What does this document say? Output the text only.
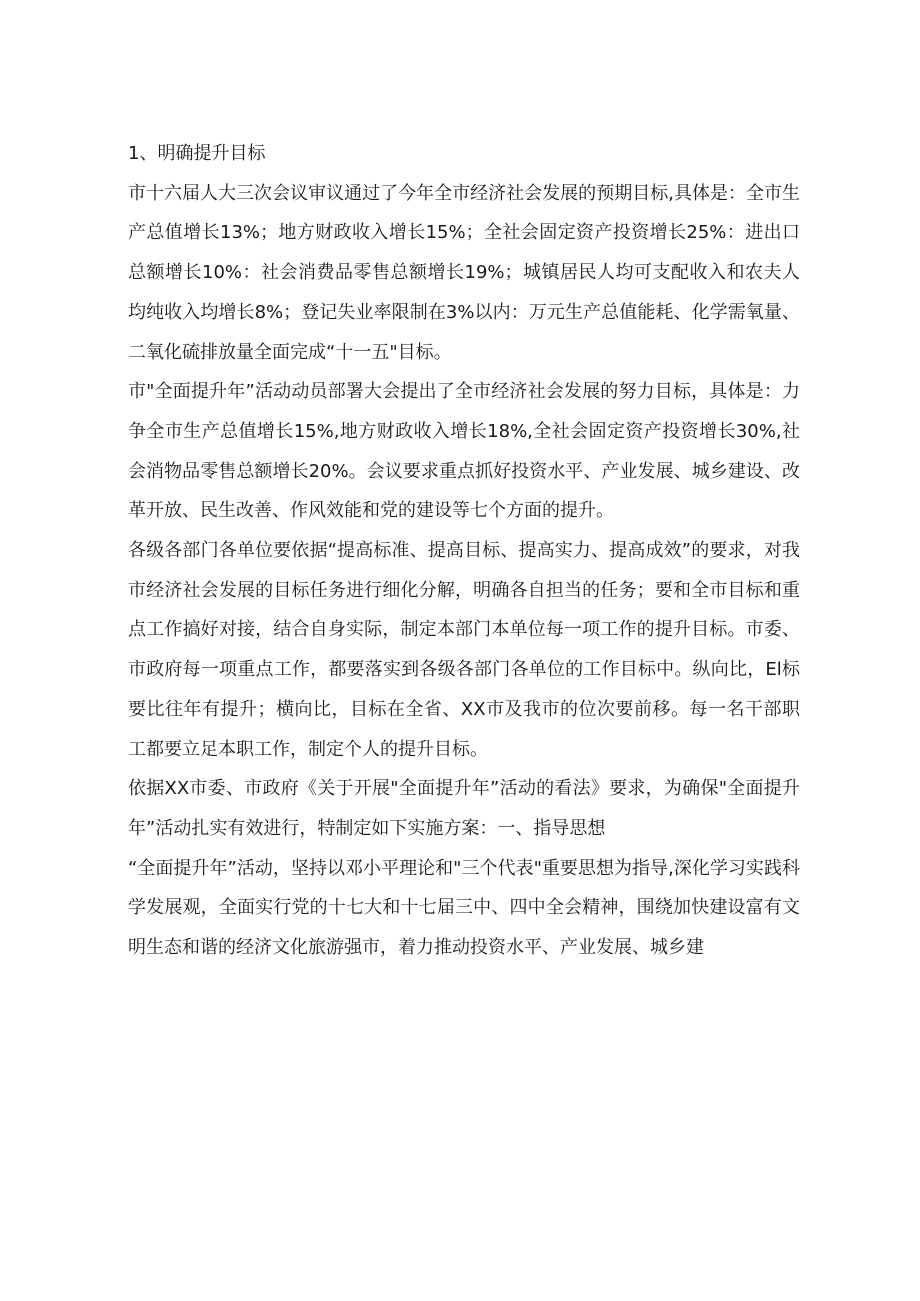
1、明确提升目标

市十六届人大三次会议审议通过了今年全市经济社会发展的预期目标,具体是：全市生产总值增长13%；地方财政收入增长15%；全社会固定资产投资增长25%：进出口总额增长10%：社会消费品零售总额增长19%；城镇居民人均可支配收入和农夫人均纯收入均增长8%；登记失业率限制在3%以内：万元生产总值能耗、化学需氧量、二氧化硫排放量全面完成“十一五"目标。

市"全面提升年”活动动员部署大会提出了全市经济社会发展的努力目标，具体是：力争全市生产总值增长15%,地方财政收入增长18%,全社会固定资产投资增长30%,社会消物品零售总额增长20%。会议要求重点抓好投资水平、产业发展、城乡建设、改革开放、民生改善、作风效能和党的建设等七个方面的提升。

各级各部门各单位要依据“提高标准、提高目标、提高实力、提高成效”的要求，对我市经济社会发展的目标任务进行细化分解，明确各自担当的任务；要和全市目标和重点工作搞好对接，结合自身实际，制定本部门本单位每一项工作的提升目标。市委、市政府每一项重点工作，都要落实到各级各部门各单位的工作目标中。纵向比，El标要比往年有提升；横向比，目标在全省、XX市及我市的位次要前移。每一名干部职工都要立足本职工作，制定个人的提升目标。

依据XX市委、市政府《关于开展"全面提升年”活动的看法》要求，为确保"全面提升年”活动扎实有效进行，特制定如下实施方案：一、指导思想

“全面提升年”活动，坚持以邓小平理论和"三个代表"重要思想为指导,深化学习实践科学发展观，全面实行党的十七大和十七届三中、四中全会精神，围绕加快建设富有文明生态和谐的经济文化旅游强市，着力推动投资水平、产业发展、城乡建
